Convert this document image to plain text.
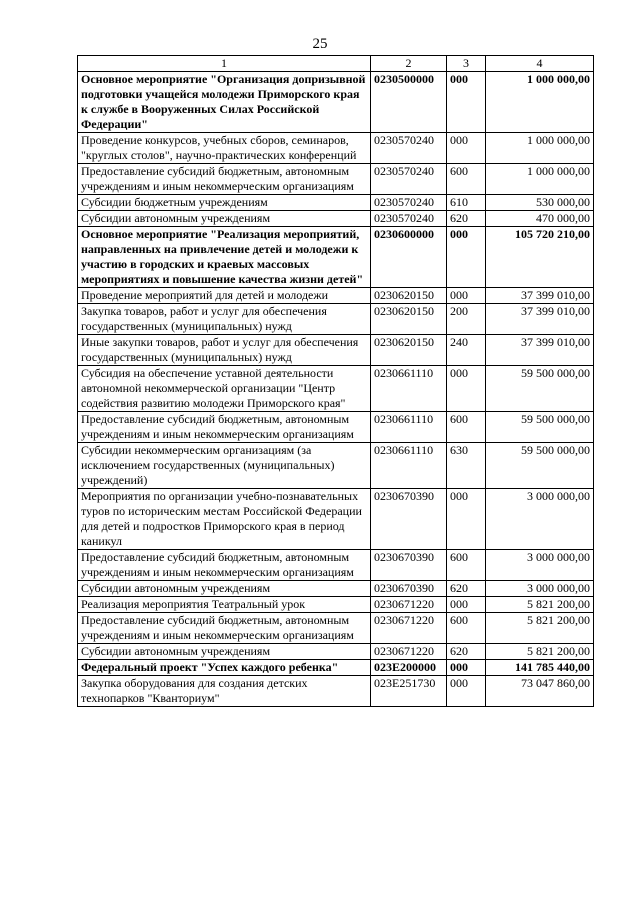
25
1	2	3	4
Основное мероприятие "Организация допризывной подготовки учащейся молодежи Приморского края к службе в Вооруженных Силах Российской Федерации"	0230500000	000	1 000 000,00
Проведение конкурсов, учебных сборов, семинаров, "круглых столов", научно-практических конференций	0230570240	000	1 000 000,00
Предоставление субсидий бюджетным, автономным учреждениям и иным некоммерческим организациям	0230570240	600	1 000 000,00
Субсидии бюджетным учреждениям	0230570240	610	530 000,00
Субсидии автономным учреждениям	0230570240	620	470 000,00
Основное мероприятие "Реализация мероприятий, направленных на привлечение детей и молодежи к участию в городских и краевых массовых мероприятиях и повышение качества жизни детей"	0230600000	000	105 720 210,00
Проведение мероприятий для детей и молодежи	0230620150	000	37 399 010,00
Закупка товаров, работ и услуг для обеспечения государственных (муниципальных) нужд	0230620150	200	37 399 010,00
Иные закупки товаров, работ и услуг для обеспечения государственных (муниципальных) нужд	0230620150	240	37 399 010,00
Субсидия на обеспечение уставной деятельности автономной некоммерческой организации "Центр содействия развитию молодежи Приморского края"	0230661110	000	59 500 000,00
Предоставление субсидий бюджетным, автономным учреждениям и иным некоммерческим организациям	0230661110	600	59 500 000,00
Субсидии некоммерческим организациям (за исключением государственных (муниципальных) учреждений)	0230661110	630	59 500 000,00
Мероприятия по организации учебно-познавательных туров по историческим местам Российской Федерации для детей и подростков Приморского края в период каникул	0230670390	000	3 000 000,00
Предоставление субсидий бюджетным, автономным учреждениям и иным некоммерческим организациям	0230670390	600	3 000 000,00
Субсидии автономным учреждениям	0230670390	620	3 000 000,00
Реализация мероприятия Театральный урок	0230671220	000	5 821 200,00
Предоставление субсидий бюджетным, автономным учреждениям и иным некоммерческим организациям	0230671220	600	5 821 200,00
Субсидии автономным учреждениям	0230671220	620	5 821 200,00
Федеральный проект "Успех каждого ребенка"	023E200000	000	141 785 440,00
Закупка оборудования для создания детских технопарков "Кванториум"	023E251730	000	73 047 860,00
